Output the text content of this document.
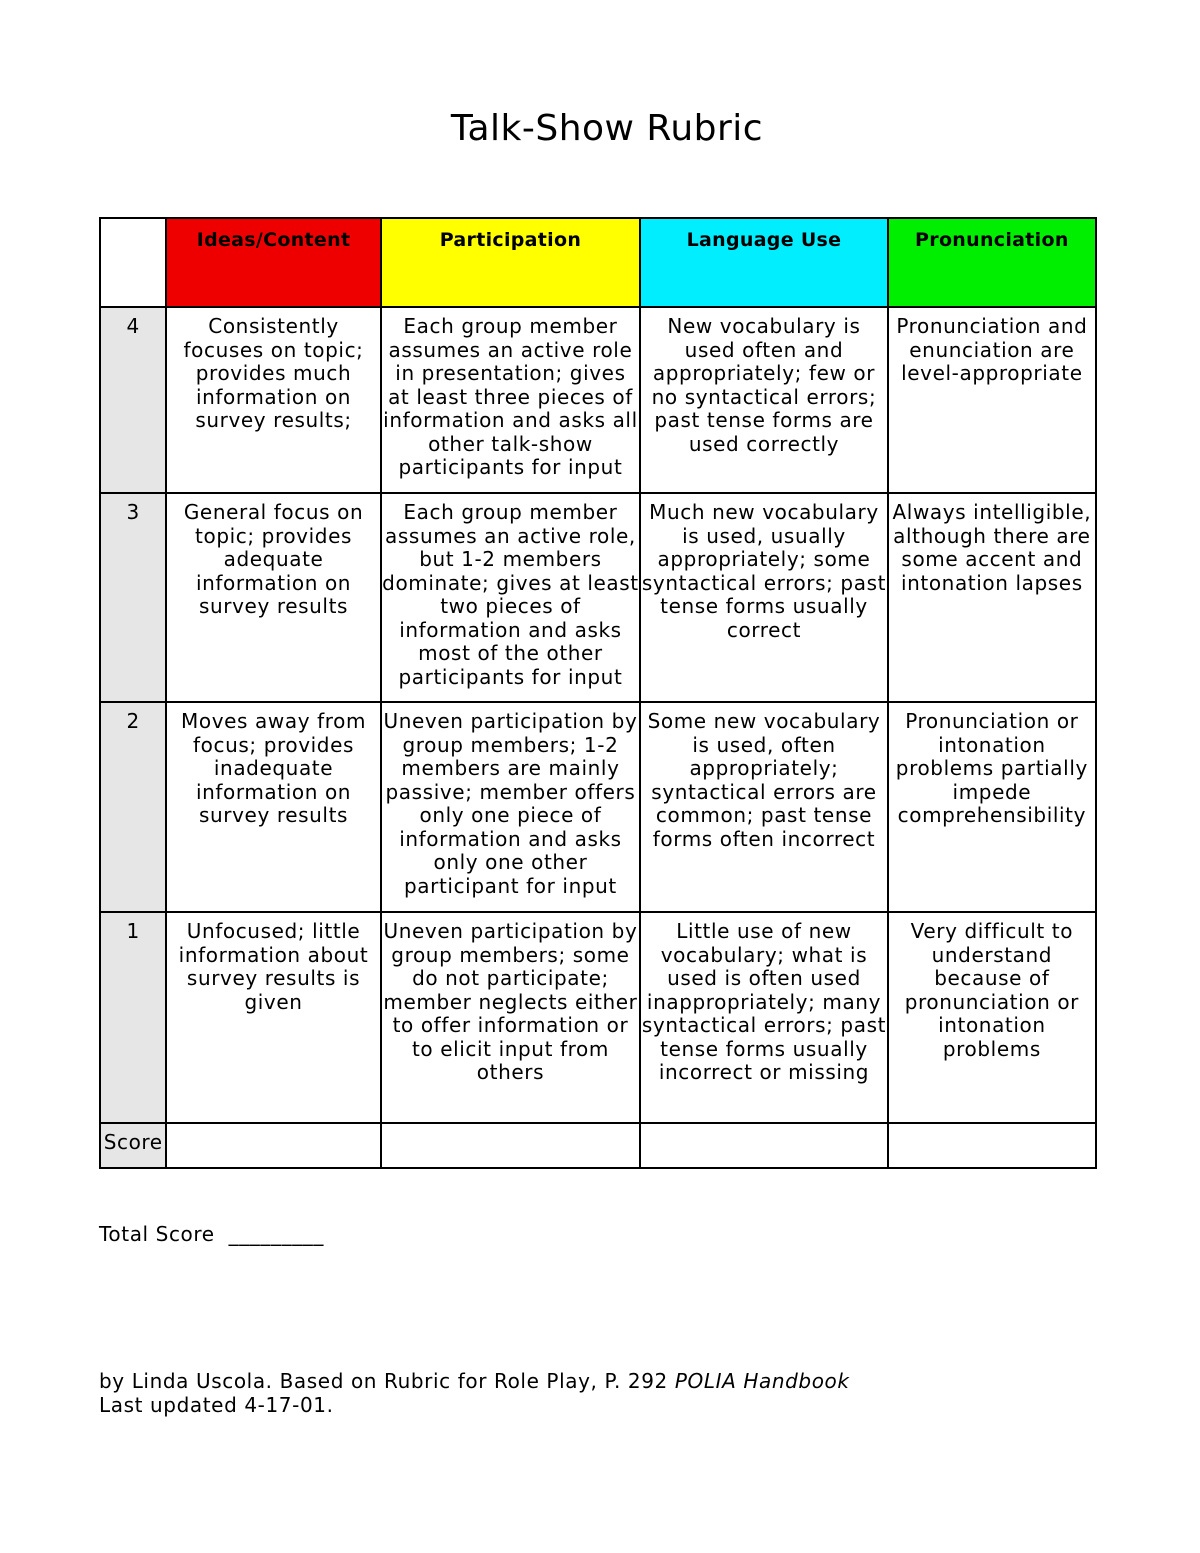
Talk-Show Rubric
	Ideas/Content	Participation	Language Use	Pronunciation
4	Consistently focuses on topic; provides much information on survey results;	Each group member assumes an active role in presentation; gives at least three pieces of information and asks all other talk-show participants for input	New vocabulary is used often and appropriately; few or no syntactical errors; past tense forms are used correctly	Pronunciation and enunciation are level-appropriate
3	General focus on topic; provides adequate information on survey results	Each group member assumes an active role, but 1-2 members dominate; gives at least two pieces of information and asks most of the other participants for input	Much new vocabulary is used, usually appropriately; some syntactical errors; past tense forms usually correct	Always intelligible, although there are some accent and intonation lapses
2	Moves away from focus; provides inadequate information on survey results	Uneven participation by group members; 1-2 members are mainly passive; member offers only one piece of information and asks only one other participant for input	Some new vocabulary is used, often appropriately; syntactical errors are common; past tense forms often incorrect	Pronunciation or intonation problems partially impede comprehensibility
1	Unfocused; little information about survey results is given	Uneven participation by group members; some do not participate; member neglects either to offer information or to elicit input from others	Little use of new vocabulary; what is used is often used inappropriately; many syntactical errors; past tense forms usually incorrect or missing	Very difficult to understand because of pronunciation or intonation problems
Score				
Total Score  _________
by Linda Uscola. Based on Rubric for Role Play, P. 292 POLIA Handbook
Last updated 4-17-01.
